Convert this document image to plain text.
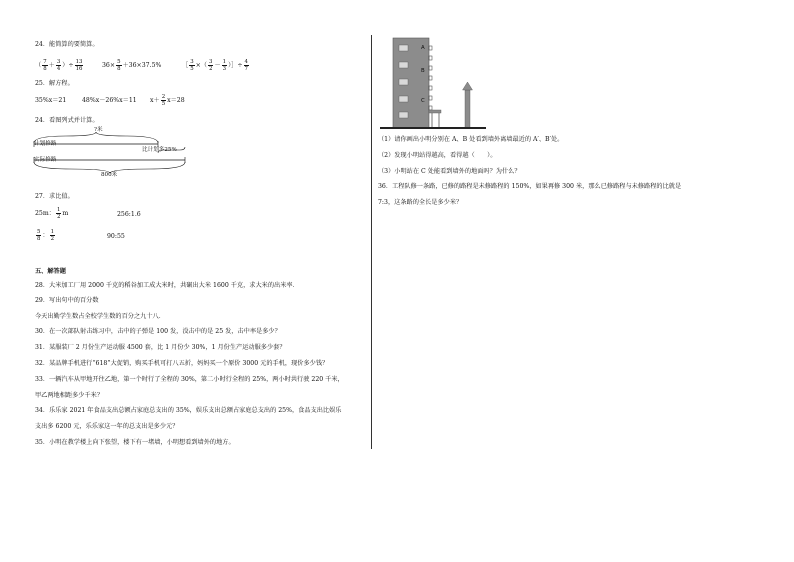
24．能简算的要简算。
（ $\frac{7}{8} + \frac{3}{4}$ ）÷ $\frac{13}{16}$	$36\times \frac{5}{8} +36\times 37.5\%$	［ $\frac{3}{5}$ ×（ $\frac{3}{2} - \frac{1}{3}$ ）］÷ $\frac{4}{7}$
25．解方程。
35%x＝21	48%x－26%x＝11 $x+ \frac{2}{5} x=28$
24．看图列式并计算。
?米
计划修路
实际修路
比计划多25%
800米
27．求比值。
25m： $\frac{1}{2}$ m	256:1.6
$\frac{5}{8}$ ： $\frac{1}{2}$	90:55
五、解答题
28．大米加工厂用 2000 千克的稻谷加工成大米时，共碾出大米 1600 千克，求大米的出米率．
29．写出句中的百分数
今天出勤学生数占全校学生数的百分之九十八．
30．在一次部队射击练习中，击中的子弹是 100 发，没击中的是 25 发，击中率是多少？
31．某服装厂 2 月份生产运动服 4500 套，比 1 月份少 30%，1 月份生产运动服多少套？
32．某品牌手机进行“618”大促销，购买手机可打八五折，妈妈买一个原价 3000 元的手机，现价多少钱？
33．一辆汽车从甲地开往乙地，第一个时行了全程的 30%，第二小时行全程的 25%，两小时共行驶 220 千米，
甲乙两地相距多少千米？
34．乐乐家 2021 年食品支出总额占家庭总支出的 35%，娱乐支出总额占家庭总支出的 25%，食品支出比娱乐
支出多 6200 元，乐乐家这一年的总支出是多少元？
35．小明在教学楼上向下张望，楼下有一堵墙，小明想看到墙外的地方。
A
B
C
（1）请你画出小明分别在 A、B 处看到墙外离墙最近的 A′、B′处。
（2）发现小明站得越高，看得越（　　）。
（3）小明站在 C 处能看到墙外的地面吗？为什么？
36．工程队修一条路，已修的路程是未修路程的 150%，如果再修 300 米，那么已修路程与未修路程的比就是
7:3，这条路的全长是多少米？
